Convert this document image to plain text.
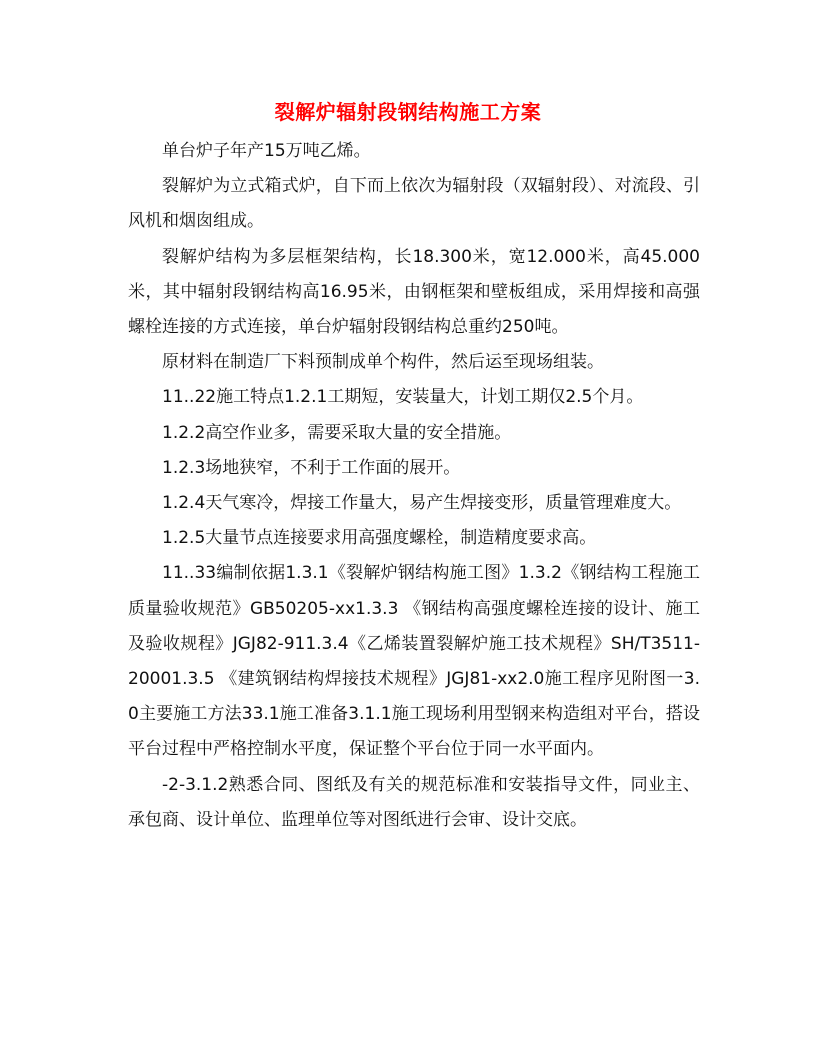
裂解炉辐射段钢结构施工方案

单台炉子年产15万吨乙烯。

裂解炉为立式箱式炉，自下而上依次为辐射段（双辐射段）、对流段、引风机和烟囱组成。

裂解炉结构为多层框架结构，长18.300米，宽12.000米，高45.000米，其中辐射段钢结构高16.95米，由钢框架和壁板组成，采用焊接和高强螺栓连接的方式连接，单台炉辐射段钢结构总重约250吨。

原材料在制造厂下料预制成单个构件，然后运至现场组装。

11..22施工特点1.2.1工期短，安装量大，计划工期仅2.5个月。

1.2.2高空作业多，需要采取大量的安全措施。

1.2.3场地狭窄，不利于工作面的展开。

1.2.4天气寒冷，焊接工作量大，易产生焊接变形，质量管理难度大。

1.2.5大量节点连接要求用高强度螺栓，制造精度要求高。

11..33编制依据1.3.1《裂解炉钢结构施工图》1.3.2《钢结构工程施工质量验收规范》GB50205-xx1.3.3 《钢结构高强度螺栓连接的设计、施工及验收规程》JGJ82-911.3.4《乙烯装置裂解炉施工技术规程》SH/T3511-20001.3.5 《建筑钢结构焊接技术规程》JGJ81-xx2.0施工程序见附图一3.0主要施工方法33.1施工准备3.1.1施工现场利用型钢来构造组对平台，搭设平台过程中严格控制水平度，保证整个平台位于同一水平面内。

-2-3.1.2熟悉合同、图纸及有关的规范标准和安装指导文件，同业主、承包商、设计单位、监理单位等对图纸进行会审、设计交底。
